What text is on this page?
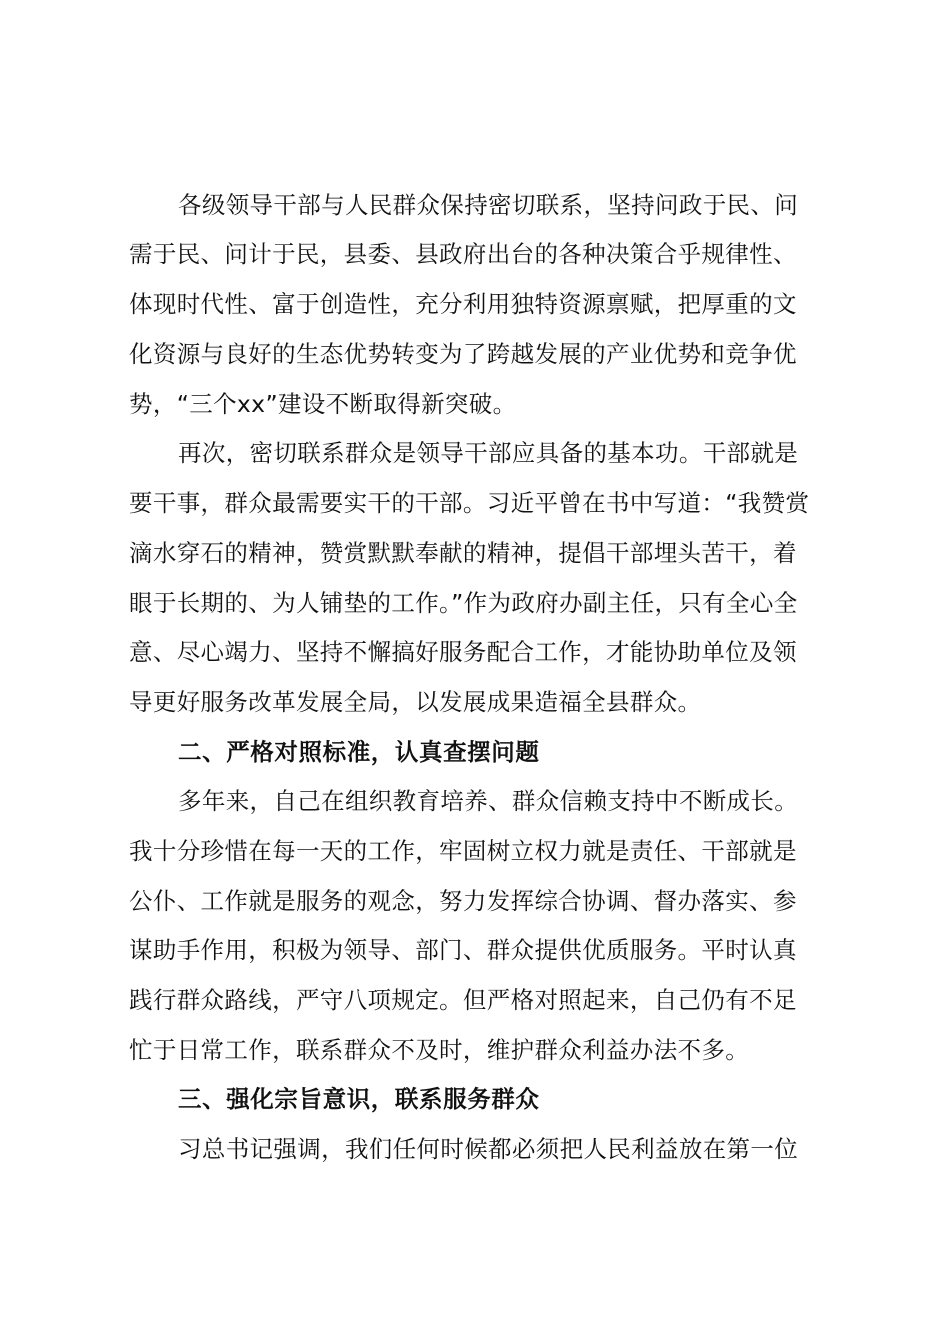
各级领导干部与人民群众保持密切联系，坚持问政于民、问
需于民、问计于民，县委、县政府出台的各种决策合乎规律性、
体现时代性、富于创造性，充分利用独特资源禀赋，把厚重的文
化资源与良好的生态优势转变为了跨越发展的产业优势和竞争优
势，“三个xx”建设不断取得新突破。
再次，密切联系群众是领导干部应具备的基本功。干部就是
要干事，群众最需要实干的干部。习近平曾在书中写道：“我赞赏
滴水穿石的精神，赞赏默默奉献的精神，提倡干部埋头苦干，着
眼于长期的、为人铺垫的工作。”作为政府办副主任，只有全心全
意、尽心竭力、坚持不懈搞好服务配合工作，才能协助单位及领
导更好服务改革发展全局，以发展成果造福全县群众。
二、严格对照标准，认真查摆问题
多年来，自己在组织教育培养、群众信赖支持中不断成长。
我十分珍惜在每一天的工作，牢固树立权力就是责任、干部就是
公仆、工作就是服务的观念，努力发挥综合协调、督办落实、参
谋助手作用，积极为领导、部门、群众提供优质服务。平时认真
践行群众路线，严守八项规定。但严格对照起来，自己仍有不足
忙于日常工作，联系群众不及时，维护群众利益办法不多。
三、强化宗旨意识，联系服务群众
习总书记强调，我们任何时候都必须把人民利益放在第一位
